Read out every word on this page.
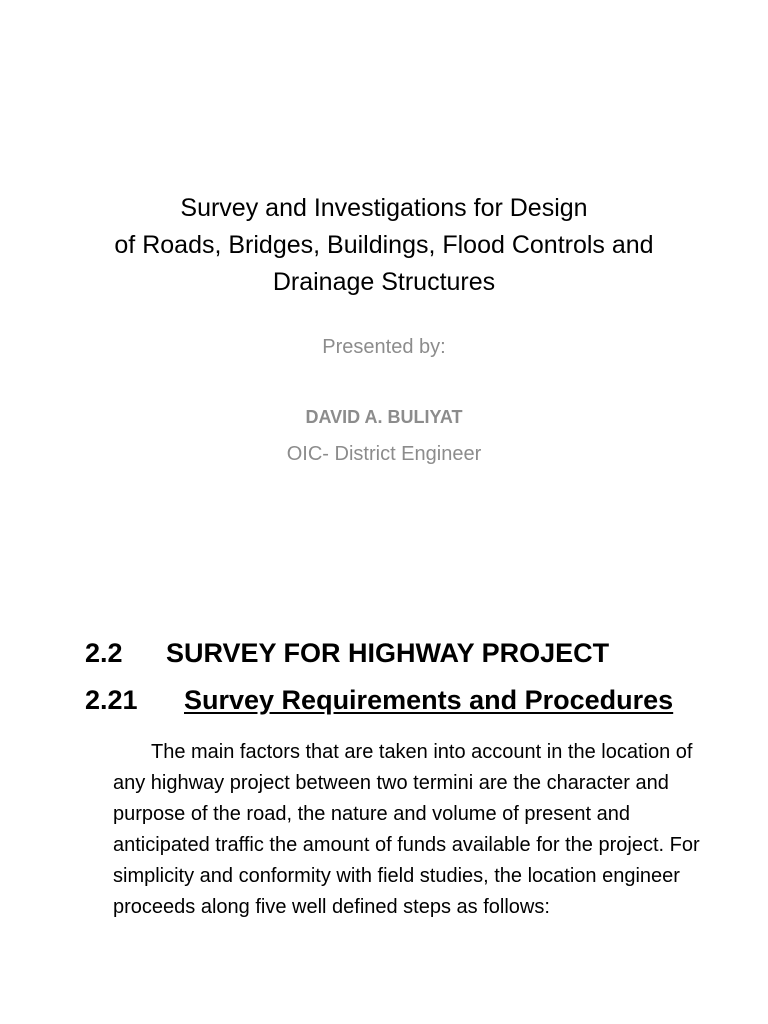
Survey and Investigations for Design
of Roads, Bridges, Buildings, Flood Controls and
Drainage Structures
Presented by:
DAVID A. BULIYAT
OIC- District Engineer
2.2 SURVEY FOR HIGHWAY PROJECT
2.21 Survey Requirements and Procedures

The main factors that are taken into account in the location of any highway project between two termini are the character and purpose of the road, the nature and volume of present and anticipated traffic the amount of funds available for the project. For simplicity and conformity with field studies, the location engineer proceeds along five well defined steps as follows:
